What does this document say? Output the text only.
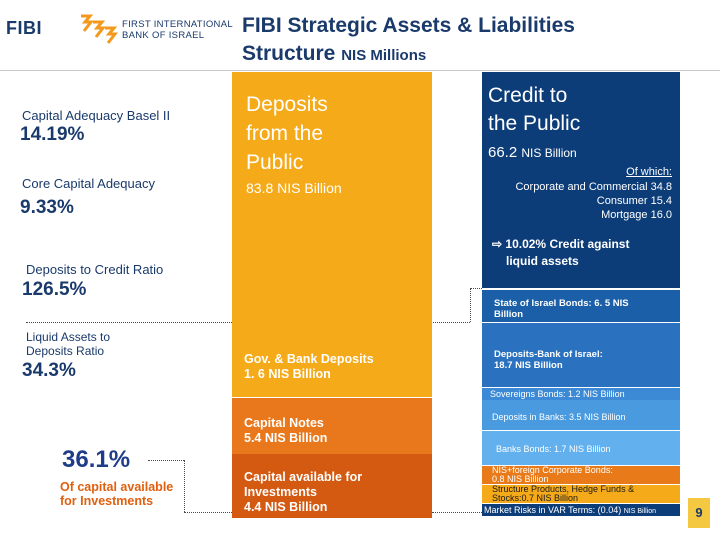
FIBI	FIRST INTERNATIONAL
BANK OF ISRAEL	FIBI Strategic Assets & Liabilities
Structure NIS Millions
Capital Adequacy Basel II
14.19%
Core Capital Adequacy
9.33%
Deposits to Credit Ratio
126.5%
Liquid Assets to
Deposits Ratio
34.3%
36.1%
Of capital available
for Investments
Deposits
from the
Public
83.8 NIS Billion
Gov. & Bank Deposits
1. 6 NIS Billion
Capital Notes
5.4 NIS Billion
Capital available for
Investments
4.4 NIS Billion
Credit to
the Public
66.2 NIS Billion
Of which:
Corporate and Commercial 34.8
Consumer 15.4
Mortgage 16.0
⇨ 10.02% Credit against
liquid assets
State of Israel Bonds: 6. 5 NIS
Billion
Deposits-Bank of Israel:
18.7 NIS Billion
Sovereigns Bonds: 1.2 NIS Billion
Deposits in Banks: 3.5 NIS Billion
Banks Bonds: 1.7 NIS Billion
NIS+foreign Corporate Bonds:
0.8 NIS Billion
Structure Products, Hedge Funds &
Stocks:0.7 NIS Billion
Market Risks in VAR Terms: (0.04) NIS Billion	9
